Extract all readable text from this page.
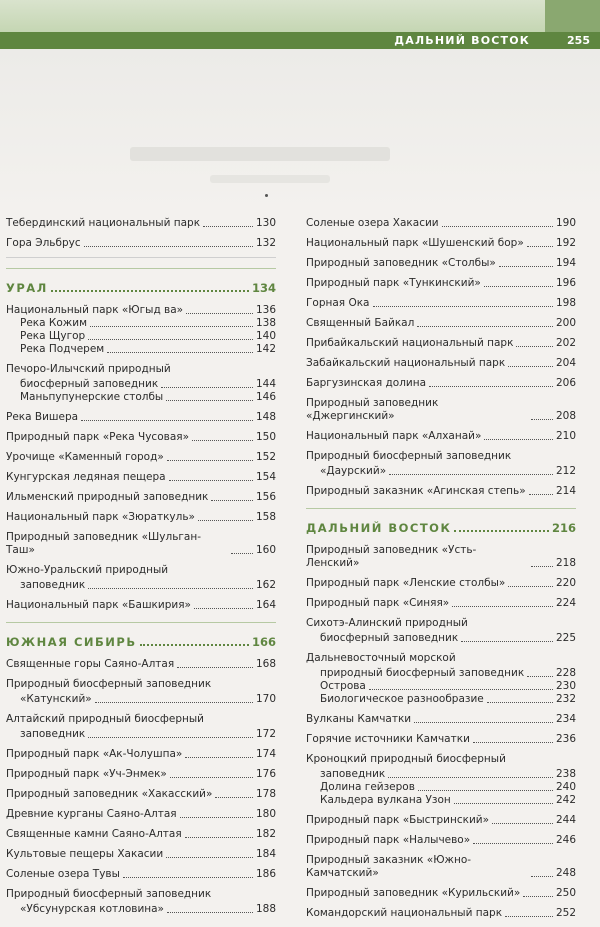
ДАЛЬНИЙ ВОСТОК	255
Тебердинский национальный парк	130
Гора Эльбрус	132
УРАЛ	134
Национальный парк «Югыд ва»	136
Река Кожим	138
Река Щугор	140
Река Подчерем	142
Печоро-Илычский природный
биосферный заповедник	144
Маньпупунерские столбы	146
Река Вишера	148
Природный парк «Река Чусовая»	150
Урочище «Каменный город»	152
Кунгурская ледяная пещера	154
Ильменский природный заповедник	156
Национальный парк «Зюраткуль»	158
Природный заповедник «Шульган-Таш»	160
Южно-Уральский природный
заповедник	162
Национальный парк «Башкирия»	164
ЮЖНАЯ СИБИРЬ	166
Священные горы Саяно-Алтая	168
Природный биосферный заповедник
«Катунский»	170
Алтайский природный биосферный
заповедник	172
Природный парк «Ак-Чолушпа»	174
Природный парк «Уч-Энмек»	176
Природный заповедник «Хакасский»	178
Древние курганы Саяно-Алтая	180
Священные камни Саяно-Алтая	182
Культовые пещеры Хакасии	184
Соленые озера Тувы	186
Природный биосферный заповедник
«Убсунурская котловина»	188
Соленые озера Хакасии	190
Национальный парк «Шушенский бор»	192
Природный заповедник «Столбы»	194
Природный парк «Тункинский»	196
Горная Ока	198
Священный Байкал	200
Прибайкальский национальный парк	202
Забайкальский национальный парк	204
Баргузинская долина	206
Природный заповедник «Джергинский»	208
Национальный парк «Алханай»	210
Природный биосферный заповедник
«Даурский»	212
Природный заказник «Агинская степь»	214
ДАЛЬНИЙ ВОСТОК	216
Природный заповедник «Усть-Ленский»	218
Природный парк «Ленские столбы»	220
Природный парк «Синяя»	224
Сихотэ-Алинский природный
биосферный заповедник	225
Дальневосточный морской
природный биосферный заповедник	228
Острова	230
Биологическое разнообразие	232
Вулканы Камчатки	234
Горячие источники Камчатки	236
Кроноцкий природный биосферный
заповедник	238
Долина гейзеров	240
Кальдера вулкана Узон	242
Природный парк «Быстринский»	244
Природный парк «Налычево»	246
Природный заказник «Южно-Камчатский»	248
Природный заповедник «Курильский»	250
Командорский национальный парк	252
